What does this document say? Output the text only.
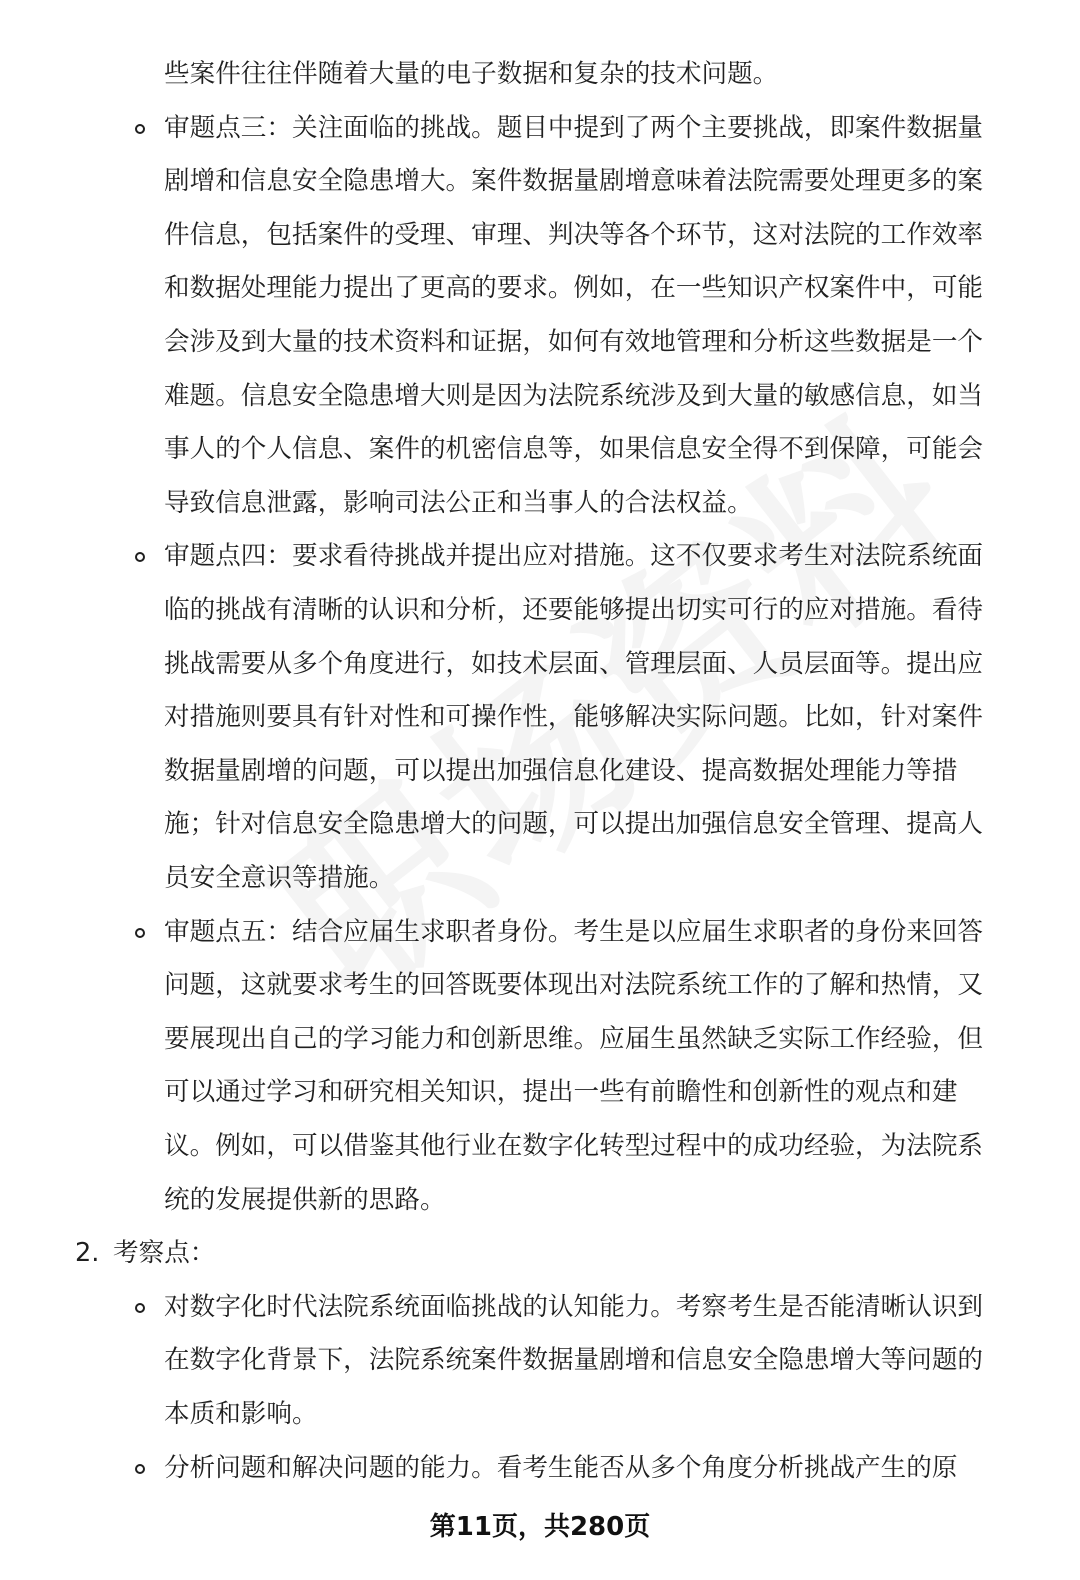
些案件往往伴随着大量的电子数据和复杂的技术问题。
审题点三：关注面临的挑战。题目中提到了两个主要挑战，即案件数据量
剧增和信息安全隐患增大。案件数据量剧增意味着法院需要处理更多的案
件信息，包括案件的受理、审理、判决等各个环节，这对法院的工作效率
和数据处理能力提出了更高的要求。例如，在一些知识产权案件中，可能
会涉及到大量的技术资料和证据，如何有效地管理和分析这些数据是一个
难题。信息安全隐患增大则是因为法院系统涉及到大量的敏感信息，如当
事人的个人信息、案件的机密信息等，如果信息安全得不到保障，可能会
导致信息泄露，影响司法公正和当事人的合法权益。
审题点四：要求看待挑战并提出应对措施。这不仅要求考生对法院系统面
临的挑战有清晰的认识和分析，还要能够提出切实可行的应对措施。看待
挑战需要从多个角度进行，如技术层面、管理层面、人员层面等。提出应
对措施则要具有针对性和可操作性，能够解决实际问题。比如，针对案件
数据量剧增的问题，可以提出加强信息化建设、提高数据处理能力等措
施；针对信息安全隐患增大的问题，可以提出加强信息安全管理、提高人
员安全意识等措施。
审题点五：结合应届生求职者身份。考生是以应届生求职者的身份来回答
问题，这就要求考生的回答既要体现出对法院系统工作的了解和热情，又
要展现出自己的学习能力和创新思维。应届生虽然缺乏实际工作经验，但
可以通过学习和研究相关知识，提出一些有前瞻性和创新性的观点和建
议。例如，可以借鉴其他行业在数字化转型过程中的成功经验，为法院系
统的发展提供新的思路。
2. 考察点：
对数字化时代法院系统面临挑战的认知能力。考察考生是否能清晰认识到
在数字化背景下，法院系统案件数据量剧增和信息安全隐患增大等问题的
本质和影响。
分析问题和解决问题的能力。看考生能否从多个角度分析挑战产生的原
第11页，共280页
